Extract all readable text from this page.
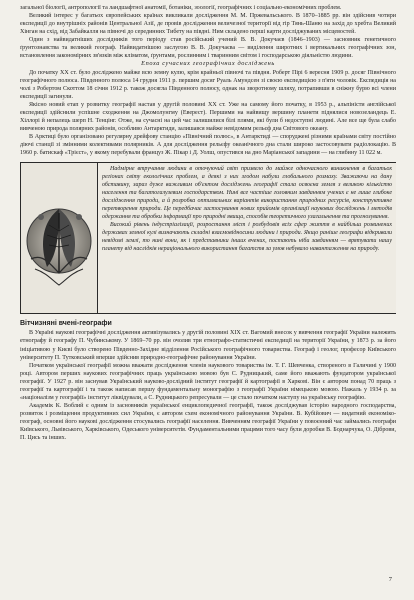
загальної біології, антропології та ландшафтної анатомії, ботаніки, зоології, географічних і соціально-економічних проблем.

Великий інтерес у багатьох європейських країнах викликали дослідження М. М. Пржевальського. В 1870–1885 рр. він здійснив чотири експедиції до внутрішніх районів Центральної Азії, де провів дослідження величезної території від гір Тянь-Шаню на захід до хребта Великий Хінган на схід, від Забайкалля на півночі до серединних Тибету на півдні. Ним складено перші карти досліджуваних місцевостей.

Один з найвидатніших дослідників того періоду став російський учений В. В. Докучаєв (1846–1903) — засновник генетичного ґрунтознавства та великий географ. Найвидатнішою заслугою В. В. Докучаєва — виділення широтних і вертикальних географічних зон, встановлення закономірних зв'язків між кліматом, ґрунтами, рослинним і тваринним світом і господарською діяльністю людини.

Епоха сучасних географічних досліджень

До початку XX ст. було досліджено майже всю земну кулю, крім крайньої півночі та півдня. Роберт Пірі 6 вересня 1909 р. досяг Північного географічного полюса. Південного полюса 14 грудня 1911 р. першим досяг Руаль Амундсен зі своєю експедицією з п'яти чоловік. Експедиція на чолі з Робертом Скоттом 18 січня 1912 р. також досягла Південного полюсу, однак на зворотному шляху, потрапивши в сніжну бурю всі члени експедиції загинули.

Якісно новий етап у розвитку географії настав у другій половині XX ст. Уже на самому його початку, в 1953 р., альпіністи англійської експедиції здійснили успішне сходження на Джомолунгму (Еверест). Першими на найвищу вершину планети піднялися новозеландець Е. Хіллорі й непалець шерп Н. Тенцінг. Отже, на сучасні на цей час залишилися білі плями, які були б недоступні людині. Але все ще була слабо вивченою природа полярних районів, особливо Антарктиди, залишався майже невідомим рельєф дна Світового океану.

В Арктиці було організовано регулярну дрейфову станцію «Північний полюс», в Антарктиді — споруджені різними країнами світу постійно діючі станції зі змінними колективами полярників. А для дослідження рельєфу океанічного дна стали широко застосовувати радіолокацію. В 1960 р. батискаф «Трієст», у якому перебували француз Ж. Пікар і Д. Уолш, опустився на дно Маріанської западини — на глибину 11 022 м.

Надмірне втручання людини в оточуючий світ призвело до майже одночасного виникнення в багатьох регіонах світу екологічних проблем, а деякі з них згодом набули глобального розмаху. Зважаючи на дану обставину, зараз дуже важливим об'єктом досліджень географії стала освоєна земля з великою кількістю населення та багатогалузевим господарством. Нині все частіше головним завданням учених є не лише глибоке дослідження природи, а й розробка оптимальних варіантів використання природних ресурсів, конструктивне перетворення природи. Це передбачає застосування нових прийомів організації наукових досліджень і методів одержання та обробки інформації про природні явища, способів теоретичного узагальнення та прогнозування.

Високий рівень індустріалізації, розростання міст і розбудовія всіх сфер життя в найбільш розвинених державах земної кулі визначають складні взаємовідносини людини і природи. Якщо раніше географи відкривали невідомі землі, то нині вони, як і представники інших вчених, постають ніби завданням — врятувати нашу планету від наслідків нераціонального використання багатств за умов небувало навантаження на природу.

Вітчизняні вчені-географи

В Україні наукові географічні дослідження активізувались у другій половині XIX ст. Вагомий внесок у вивчення географії України належить етнографу й географу П. Чубинському. У 1869–70 рр. він очолив три етнографо-статистичні експедиції на території України, у 1873 р. за його ініціативою у Києві було створено Південно-Західне відділення Російського географічного товариства. Географ і геолог, професор Київського університету П. Тутковський вперше здійснив природно-географічне районування України.

Початком української географії можна вважати дослідження членів наукового товариства ім. Т. Г. Шевченка, створеного в Галичині у 1900 році. Автором перших наукових географічних праць українською мовою був С. Рудницький, саме його вважають фундатором української географії. У 1927 р. він заснував Український науково-дослідний інститут географії й картографії в Харкові. Він є автором понад 70 праць з географії та картографії і та також написав першу фундаментальну монографію з географії України німецькою мовою. Нажаль у 1934 р. за «націоналізм у географії» інститут ліквідували, а С. Рудницького репресували — це стало початком наступу на українську географію.

Академік К. Воблий є одним із засновників української енциклопедичної географії, також досліджував історію народного господарства, розвиток і розміщення продуктивних сил України, є автором схем економічного районування України. В. Кубійович — видатний економіко-географ, основні його наукові дослідження стосувались географії населення. Вивченням географії України у повоєнний час займались географи Київського, Львівського, Харківського, Одеського університетів. Фундаментальними працями того часу були доробки В. Боднарчука, О. Діброви, П. Цись та інших.

7
